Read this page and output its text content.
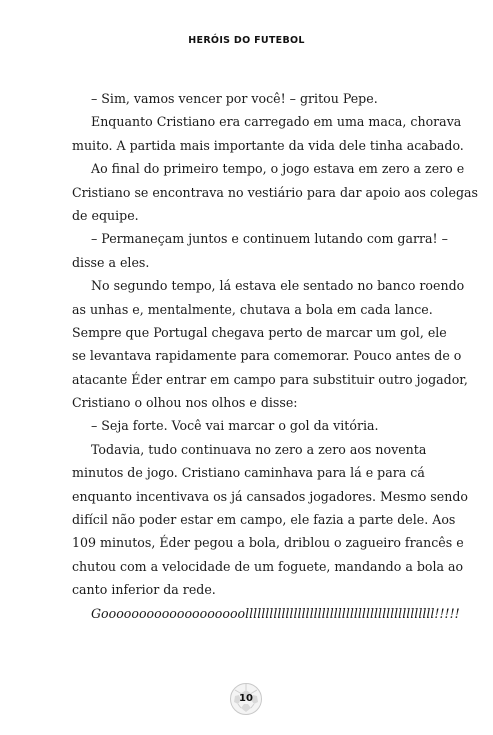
HERÓIS DO FUTEBOL
– Sim, vamos vencer por você! – gritou Pepe.
Enquanto Cristiano era carregado em uma maca, chorava
muito. A partida mais importante da vida dele tinha acabado.
Ao final do primeiro tempo, o jogo estava em zero a zero e
Cristiano se encontrava no vestiário para dar apoio aos colegas
de equipe.
– Permaneçam juntos e continuem lutando com garra! –
disse a eles.
No segundo tempo, lá estava ele sentado no banco roendo
as unhas e, mentalmente, chutava a bola em cada lance.
Sempre que Portugal chegava perto de marcar um gol, ele
se levantava rapidamente para comemorar. Pouco antes de o
atacante Éder entrar em campo para substituir outro jogador,
Cristiano o olhou nos olhos e disse:
– Seja forte. Você vai marcar o gol da vitória.
Todavia, tudo continuava no zero a zero aos noventa
minutos de jogo. Cristiano caminhava para lá e para cá
enquanto incentivava os já cansados jogadores. Mesmo sendo
difícil não poder estar em campo, ele fazia a parte dele. Aos
109 minutos, Éder pegou a bola, driblou o zagueiro francês e
chutou com a velocidade de um foguete, mandando a bola ao
canto inferior da rede.
Gooooooooooooooooooolllllllllllllllllllllllllllllllllllllllllllllll!!!!!
10
